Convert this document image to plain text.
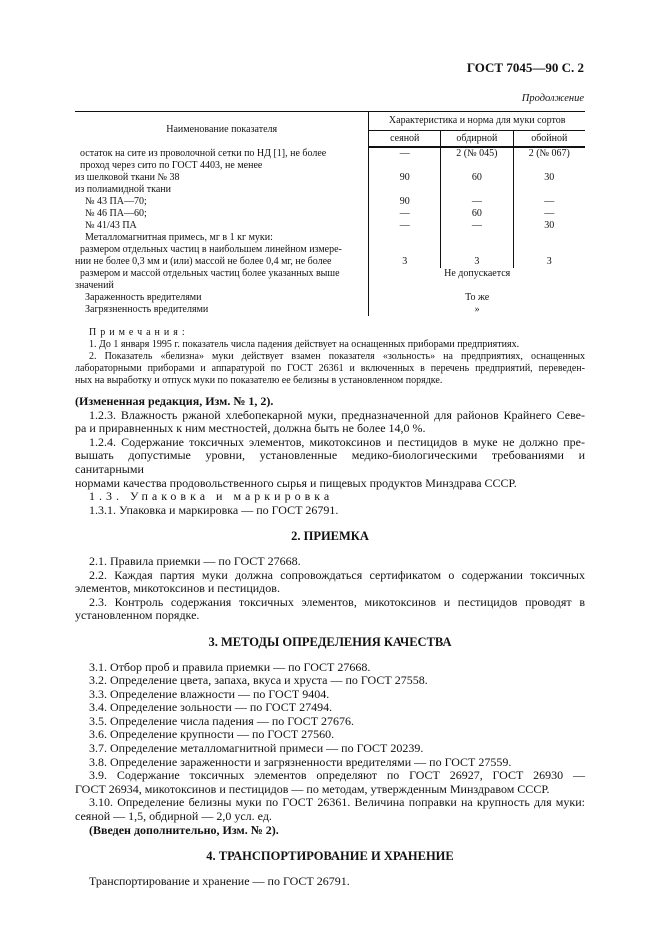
ГОСТ 7045—90 С. 2
Продолжение
Наименование показателя	Характеристика и норма для муки сортов		
	сеяной	обдирной	обойной
остаток на сите из проволочной сетки по НД [1], не более	—	2 (№ 045)	2 (№ 067)
проход через сито по ГОСТ 4403, не менее			
из шелковой ткани № 38	90	60	30
из полиамидной ткани			
№ 43 ПА—70;	90	—	—
№ 46 ПА—60;	—	60	—
№ 41/43 ПА	—	—	30
Металломагнитная примесь, мг в 1 кг муки:			
размером отдельных частиц в наибольшем линейном измере-			
нии не более 0,3 мм и (или) массой не более 0,4 мг, не более	3	3	3
размером и массой отдельных частиц более указанных выше	Не допускается		
значений			
Зараженность вредителями	То же		
Загрязненность вредителями	»		
Примечания:
1. До 1 января 1995 г. показатель числа падения действует на оснащенных приборами предприятиях.
2. Показатель «белизна» муки действует взамен показателя «зольность» на предприятиях, оснащенных
лабораторными приборами и аппаратурой по ГОСТ 26361 и включенных в перечень предприятий, переведен-
ных на выработку и отпуск муки по показателю ее белизны в установленном порядке.
(Измененная редакция, Изм. № 1, 2).
1.2.3. Влажность ржаной хлебопекарной муки, предназначенной для районов Крайнего Севе-
ра и приравненных к ним местностей, должна быть не более 14,0 %.
1.2.4. Содержание токсичных элементов, микотоксинов и пестицидов в муке не должно пре-
вышать допустимые уровни, установленные медико-биологическими требованиями и санитарными
нормами качества продовольственного сырья и пищевых продуктов Минздрава СССР.
1.3. Упаковка и маркировка
1.3.1. Упаковка и маркировка — по ГОСТ 26791.
2. ПРИЕМКА
2.1. Правила приемки — по ГОСТ 27668.
2.2. Каждая партия муки должна сопровождаться сертификатом о содержании токсичных
элементов, микотоксинов и пестицидов.
2.3. Контроль содержания токсичных элементов, микотоксинов и пестицидов проводят в
установленном порядке.
3. МЕТОДЫ ОПРЕДЕЛЕНИЯ КАЧЕСТВА
3.1. Отбор проб и правила приемки — по ГОСТ 27668.
3.2. Определение цвета, запаха, вкуса и хруста — по ГОСТ 27558.
3.3. Определение влажности — по ГОСТ 9404.
3.4. Определение зольности — по ГОСТ 27494.
3.5. Определение числа падения — по ГОСТ 27676.
3.6. Определение крупности — по ГОСТ 27560.
3.7. Определение металломагнитной примеси — по ГОСТ 20239.
3.8. Определение зараженности и загрязненности вредителями — по ГОСТ 27559.
3.9. Содержание токсичных элементов определяют по ГОСТ 26927, ГОСТ 26930 —
ГОСТ 26934, микотоксинов и пестицидов — по методам, утвержденным Минздравом СССР.
3.10. Определение белизны муки по ГОСТ 26361. Величина поправки на крупность для муки:
сеяной — 1,5, обдирной — 2,0 усл. ед.
(Введен дополнительно, Изм. № 2).
4. ТРАНСПОРТИРОВАНИЕ И ХРАНЕНИЕ
Транспортирование и хранение — по ГОСТ 26791.
